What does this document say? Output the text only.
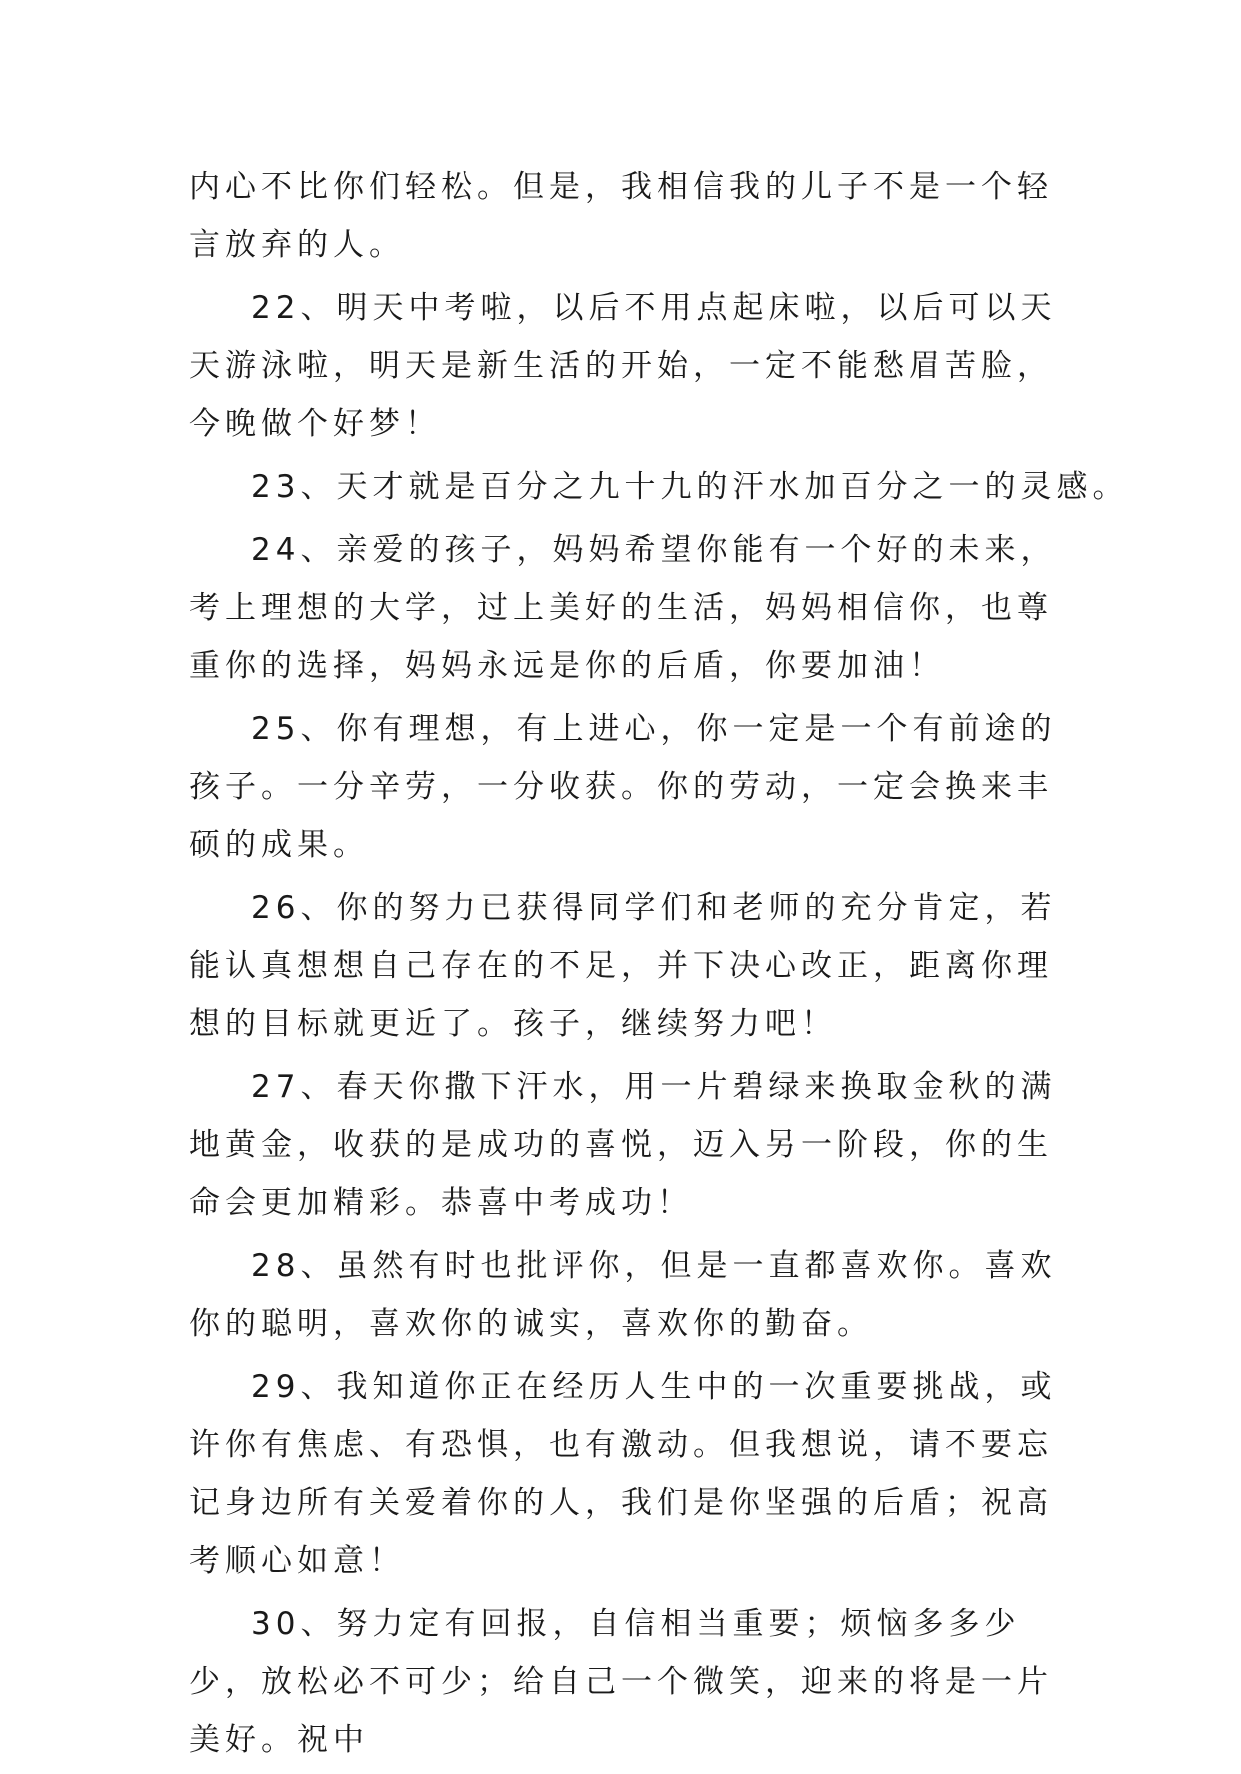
内心不比你们轻松。但是，我相信我的儿子不是一个轻言放弃的人。

22、明天中考啦，以后不用点起床啦，以后可以天天游泳啦，明天是新生活的开始，一定不能愁眉苦脸，今晚做个好梦！

23、天才就是百分之九十九的汗水加百分之一的灵感。

24、亲爱的孩子，妈妈希望你能有一个好的未来，考上理想的大学，过上美好的生活，妈妈相信你，也尊重你的选择，妈妈永远是你的后盾，你要加油！

25、你有理想，有上进心，你一定是一个有前途的孩子。一分辛劳，一分收获。你的劳动，一定会换来丰硕的成果。

26、你的努力已获得同学们和老师的充分肯定，若能认真想想自己存在的不足，并下决心改正，距离你理想的目标就更近了。孩子，继续努力吧！

27、春天你撒下汗水，用一片碧绿来换取金秋的满地黄金，收获的是成功的喜悦，迈入另一阶段，你的生命会更加精彩。恭喜中考成功！

28、虽然有时也批评你，但是一直都喜欢你。喜欢你的聪明，喜欢你的诚实，喜欢你的勤奋。

29、我知道你正在经历人生中的一次重要挑战，或许你有焦虑、有恐惧，也有激动。但我想说，请不要忘记身边所有关爱着你的人，我们是你坚强的后盾；祝高考顺心如意！

30、努力定有回报，自信相当重要；烦恼多多少少，放松必不可少；给自己一个微笑，迎来的将是一片美好。祝中
